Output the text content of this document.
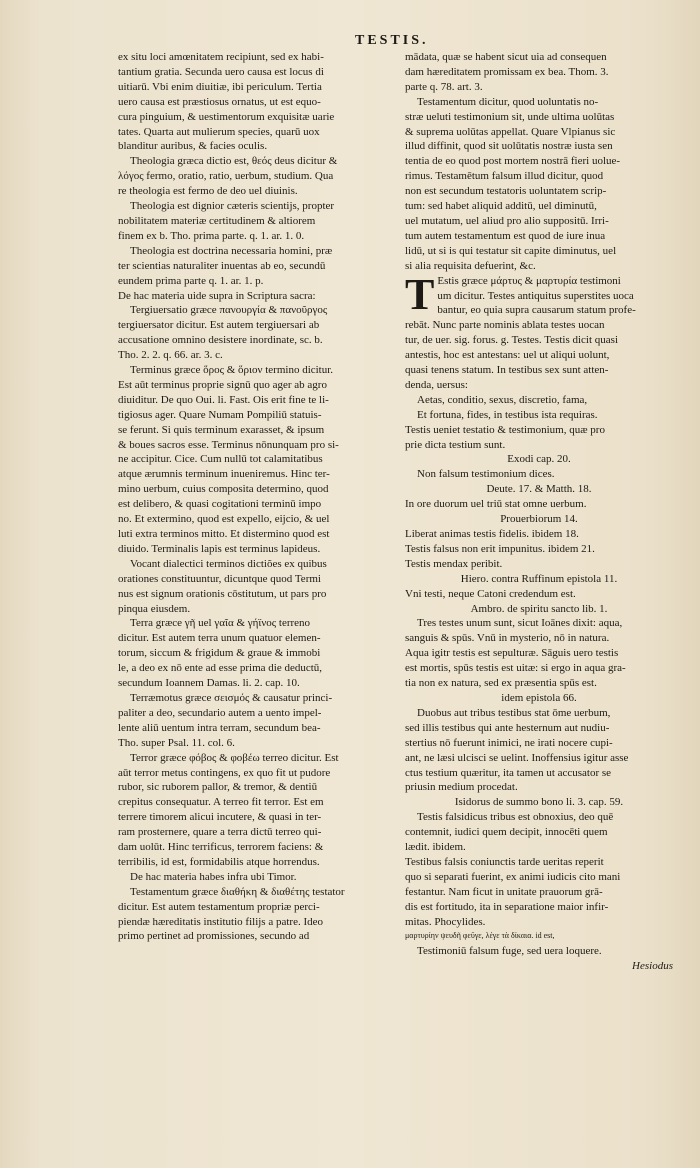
TESTIS.

ex situ loci amœnitatem recipiunt, sed ex habi-

tantium gratia. Secunda uero causa est locus di

uitiarū. Vbi enim diuitiæ, ibi periculum. Tertia

uero causa est præstiosus ornatus, ut est equo-

cura pinguium, & uestimentorum exquisitæ uarie

tates. Quarta aut mulierum species, quarū uox

blanditur auribus, & facies oculis.

Theologia græca dictio est, θεός deus dicitur &

λόγος fermo, oratio, ratio, uerbum, studium. Qua

re theologia est fermo de deo uel diuinis.

Theologia est dignior cæteris scientijs, propter

nobilitatem materiæ certitudinem & altiorem

finem ex b. Tho. prima parte. q. 1. ar. 1. 0.

Theologia est doctrina necessaria homini, præ

ter scientias naturaliter inuentas ab eo, secundū

eundem prima parte q. 1. ar. 1. p.

De hac materia uide supra in Scriptura sacra:

Tergiuersatio græce πανουργία & πανοῦργος

tergiuersator dicitur. Est autem tergiuersari ab

accusatione omnino desistere inordinate, sc. b.

Tho. 2. 2. q. 66. ar. 3. c.

Terminus græce ὅρος & ὅριον termino dicitur.

Est aūt terminus proprie signū quo ager ab agro

diuiditur. De quo Oui. li. Fast. Ois erit fine te li-

tigiosus ager. Quare Numam Pompiliū statuis-

se ferunt. Si quis terminum exarasset, & ipsum

& boues sacros esse. Terminus nōnunquam pro si-

ne accipitur. Cice. Cum nullū tot calamitatibus

atque ærumnis terminum inueniremus. Hinc ter-

mino uerbum, cuius composita determino, quod

est delibero, & quasi cogitationi terminū impo

no. Et extermino, quod est expello, eijcio, & uel

luti extra terminos mitto. Et distermino quod est

diuido. Terminalis lapis est terminus lapideus.

Vocant dialectici terminos dictiões ex quibus

orationes constituuntur, dicuntque quod Termi

nus est signum orationis cōstitutum, ut pars pro

pinqua eiusdem.

Terra græce γῆ uel γαῖα & γήϊνος terreno

dicitur. Est autem terra unum quatuor elemen-

torum, siccum & frigidum & graue & immobi

le, a deo ex nō ente ad esse prima die deductū,

secundum Ioannem Damas. li. 2. cap. 10.

Terræmotus græce σεισμός & causatur princi-

paliter a deo, secundario autem a uento impel-

lente aliū uentum intra terram, secundum bea-

Tho. super Psal. 11. col. 6.

Terror græce φόβος & φοβέω terreo dicitur. Est

aūt terror metus contingens, ex quo fit ut pudore

rubor, sic ruborem pallor, & tremor, & dentiū

crepitus consequatur. A terreo fit terror. Est em

terrere timorem alicui incutere, & quasi in ter-

ram prosternere, quare a terra dictū terreo qui-

dam uolūt. Hinc terrificus, terrorem faciens: &

terribilis, id est, formidabilis atque horrendus.

De hac materia habes infra ubi Timor.

Testamentum græce διαθήκη & διαθέτης testator

dicitur. Est autem testamentum propriæ perci-

piendæ hæreditatis institutio filijs a patre. Ideo

primo pertinet ad promissiones, secundo ad

mādata, quæ se habent sicut uia ad consequen

dam hæreditatem promissam ex bea. Thom. 3.

parte q. 78. art. 3.

Testamentum dicitur, quod uoluntatis no-

stræ ueluti testimonium sit, unde ultima uolūtas

& suprema uolūtas appellat. Quare Vlpianus sic

illud diffinit, quod sit uolūtatis nostræ iusta sen

tentia de eo quod post mortem nostrā fieri uolue-

rimus. Testamētum falsum illud dicitur, quod

non est secundum testatoris uoluntatem scrip-

tum: sed habet aliquid additū, uel diminutū,

uel mutatum, uel aliud pro alio suppositū. Irri-

tum autem testamentum est quod de iure inua

lidū, ut si is qui testatur sit capite diminutus, uel

si alia requisita defuerint, &c.

TEstis græce μάρτυς & μαρτυρία testimoni

um dicitur. Testes antiquitus superstites uoca

bantur, eo quia supra causarum statum profe-

rebāt. Nunc parte nominis ablata testes uocan

tur, de uer. sig. forus. g. Testes. Testis dicit quasi

antestis, hoc est antestans: uel ut aliqui uolunt,

quasi tenens statum. In testibus sex sunt atten-

denda, uersus:

Aetas, conditio, sexus, discretio, fama,

Et fortuna, fides, in testibus ista requiras.

Testis ueniet testatio & testimonium, quæ pro

prie dicta testium sunt.

Exodi cap. 20.

Non falsum testimonium dices.

Deute. 17. & Matth. 18.

In ore duorum uel triū stat omne uerbum.

Prouerbiorum 14.

Liberat animas testis fidelis. ibidem 18.

Testis falsus non erit impunitus. ibidem 21.

Testis mendax peribit.

Hiero. contra Ruffinum epistola 11.

Vni testi, neque Catoni credendum est.

Ambro. de spiritu sancto lib. 1.

Tres testes unum sunt, sicut Ioānes dixit: aqua,

sanguis & spūs. Vnū in mysterio, nō in natura.

Aqua igitr testis est sepulturæ. Sāguis uero testis

est mortis, spūs testis est uitæ: si ergo in aqua gra-

tia non ex natura, sed ex præsentia spūs est.

idem epistola 66.

Duobus aut tribus testibus stat ōme uerbum,

sed illis testibus qui ante hesternum aut nudiu-

stertius nō fuerunt inimici, ne irati nocere cupi-

ant, ne læsi ulcisci se uelint. Inoffensius igitur asse

ctus testium quæritur, ita tamen ut accusator se

priusin medium procedat.

Isidorus de summo bono li. 3. cap. 59.

Testis falsidicus tribus est obnoxius, deo quē

contemnit, iudici quem decipit, innocēti quem

lædit. ibidem.

Testibus falsis coniunctis tarde ueritas reperit

quo si separati fuerint, ex animi iudicis cito mani

festantur. Nam ficut in unitate prauorum grā-

dis est fortitudo, ita in separatione maior infir-

mitas. Phocylides.

μαρτυρίην ψευδῆ φεῦγε, λέγε τὰ δίκαια. id est,

Testimoniū falsum fuge, sed uera loquere.

Hesiodus
